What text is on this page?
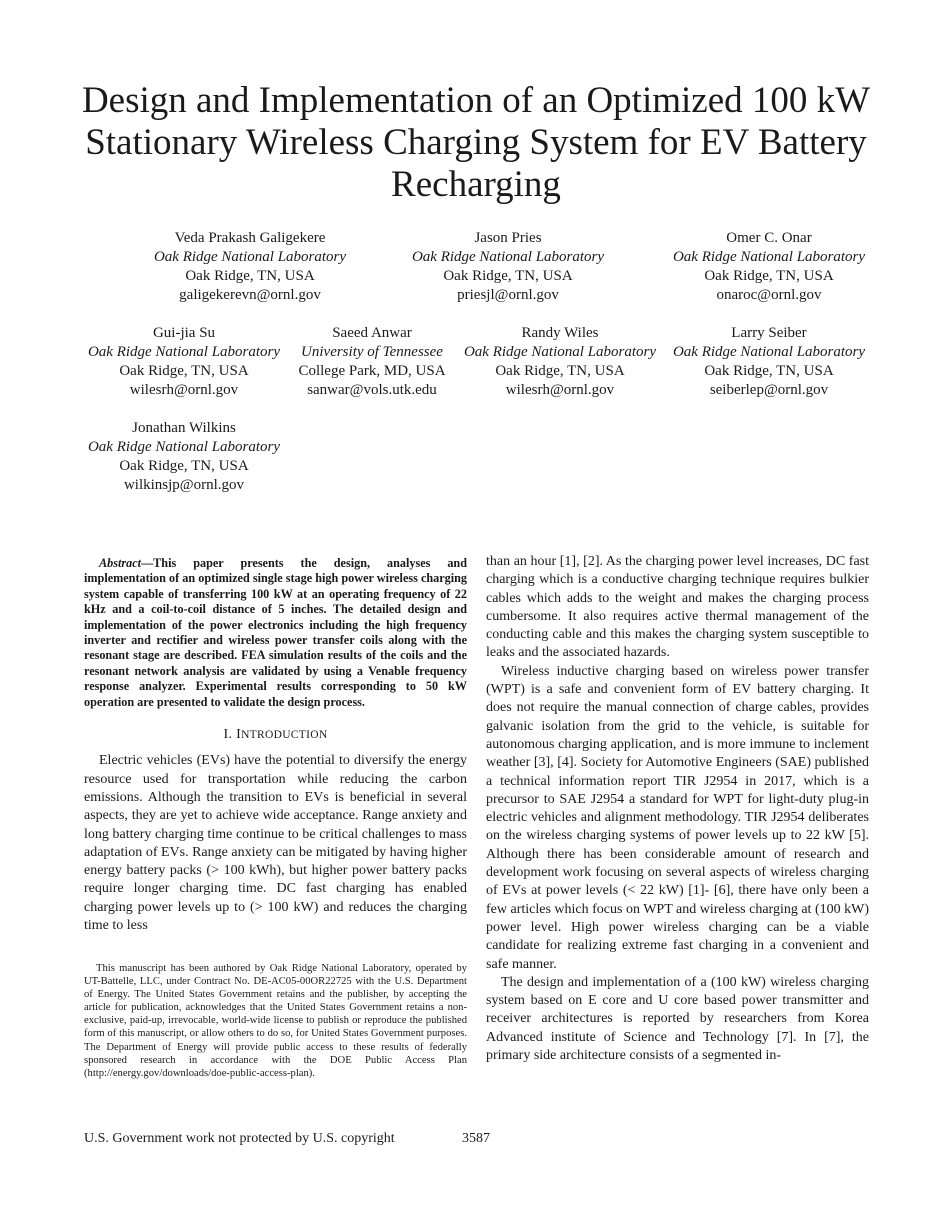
Design and Implementation of an Optimized 100 kW Stationary Wireless Charging System for EV Battery Recharging
Veda Prakash Galigekere
Oak Ridge National Laboratory
Oak Ridge, TN, USA
galigekerevn@ornl.gov
Jason Pries
Oak Ridge National Laboratory
Oak Ridge, TN, USA
priesjl@ornl.gov
Omer C. Onar
Oak Ridge National Laboratory
Oak Ridge, TN, USA
onaroc@ornl.gov
Gui-jia Su
Oak Ridge National Laboratory
Oak Ridge, TN, USA
wilesrh@ornl.gov
Saeed Anwar
University of Tennessee
College Park, MD, USA
sanwar@vols.utk.edu
Randy Wiles
Oak Ridge National Laboratory
Oak Ridge, TN, USA
wilesrh@ornl.gov
Larry Seiber
Oak Ridge National Laboratory
Oak Ridge, TN, USA
seiberlep@ornl.gov
Jonathan Wilkins
Oak Ridge National Laboratory
Oak Ridge, TN, USA
wilkinsjp@ornl.gov

Abstract—This paper presents the design, analyses and implementation of an optimized single stage high power wireless charging system capable of transferring 100 kW at an operating frequency of 22 kHz and a coil-to-coil distance of 5 inches. The detailed design and implementation of the power electronics including the high frequency inverter and rectifier and wireless power transfer coils along with the resonant stage are described. FEA simulation results of the coils and the resonant network analysis are validated by using a Venable frequency response analyzer. Experimental results corresponding to 50 kW operation are presented to validate the design process.

I. INTRODUCTION

Electric vehicles (EVs) have the potential to diversify the energy resource used for transportation while reducing the carbon emissions. Although the transition to EVs is beneficial in several aspects, they are yet to achieve wide acceptance. Range anxiety and long battery charging time continue to be critical challenges to mass adaptation of EVs. Range anxiety can be mitigated by having higher energy battery packs (> 100 kWh), but higher power battery packs require longer charging time. DC fast charging has enabled charging power levels up to (> 100 kW) and reduces the charging time to less

than an hour [1], [2]. As the charging power level increases, DC fast charging which is a conductive charging technique requires bulkier cables which adds to the weight and makes the charging process cumbersome. It also requires active thermal management of the conducting cable and this makes the charging system susceptible to leaks and the associated hazards.

Wireless inductive charging based on wireless power transfer (WPT) is a safe and convenient form of EV battery charging. It does not require the manual connection of charge cables, provides galvanic isolation from the grid to the vehicle, is suitable for autonomous charging application, and is more immune to inclement weather [3], [4]. Society for Automotive Engineers (SAE) published a technical information report TIR J2954 in 2017, which is a precursor to SAE J2954 a standard for WPT for light-duty plug-in electric vehicles and alignment methodology. TIR J2954 deliberates on the wireless charging systems of power levels up to 22 kW [5]. Although there has been considerable amount of research and development work focusing on several aspects of wireless charging of EVs at power levels (< 22 kW) [1]- [6], there have only been a few articles which focus on WPT and wireless charging at (100 kW) power level. High power wireless charging can be a viable candidate for realizing extreme fast charging in a convenient and safe manner.

The design and implementation of a (100 kW) wireless charging system based on E core and U core based power transmitter and receiver architectures is reported by researchers from Korea Advanced institute of Science and Technology [7]. In [7], the primary side architecture consists of a segmented in-

This manuscript has been authored by Oak Ridge National Laboratory, operated by UT-Battelle, LLC, under Contract No. DE-AC05-00OR22725 with the U.S. Department of Energy. The United States Government retains and the publisher, by accepting the article for publication, acknowledges that the United States Government retains a non-exclusive, paid-up, irrevocable, world-wide license to publish or reproduce the published form of this manuscript, or allow others to do so, for United States Government purposes. The Department of Energy will provide public access to these results of federally sponsored research in accordance with the DOE Public Access Plan (http://energy.gov/downloads/doe-public-access-plan).

U.S. Government work not protected by U.S. copyright	3587
